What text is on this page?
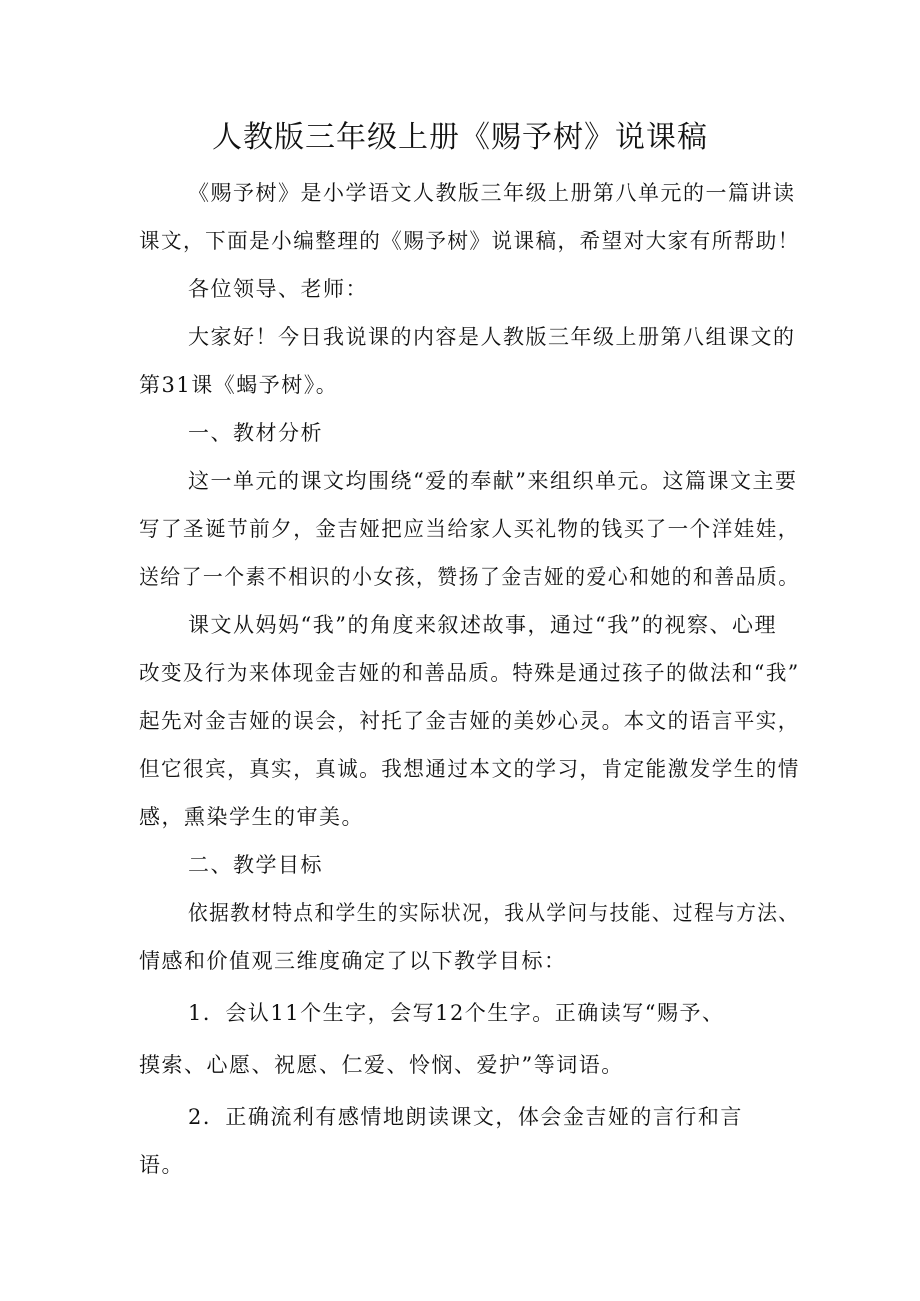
人教版三年级上册《赐予树》说课稿
《赐予树》是小学语文人教版三年级上册第八单元的一篇讲读
课文，下面是小编整理的《赐予树》说课稿，希望对大家有所帮助！
各位领导、老师：
大家好！今日我说课的内容是人教版三年级上册第八组课文的
第31课《蝎予树》。
一、教材分析
这一单元的课文均围绕“爱的奉献”来组织单元。这篇课文主要
写了圣诞节前夕，金吉娅把应当给家人买礼物的钱买了一个洋娃娃，
送给了一个素不相识的小女孩，赞扬了金吉娅的爱心和她的和善品质。
课文从妈妈“我”的角度来叙述故事，通过“我”的视察、心理
改变及行为来体现金吉娅的和善品质。特殊是通过孩子的做法和“我”
起先对金吉娅的误会，衬托了金吉娅的美妙心灵。本文的语言平实，
但它很宾，真实，真诚。我想通过本文的学习，肯定能激发学生的情
感，熏染学生的审美。
二、教学目标
依据教材特点和学生的实际状况，我从学问与技能、过程与方法、
情感和价值观三维度确定了以下教学目标：
1．会认11个生字，会写12个生字。正确读写“赐予、
摸索、心愿、祝愿、仁爱、怜悯、爱护”等词语。
2．正确流利有感情地朗读课文，体会金吉娅的言行和言
语。
